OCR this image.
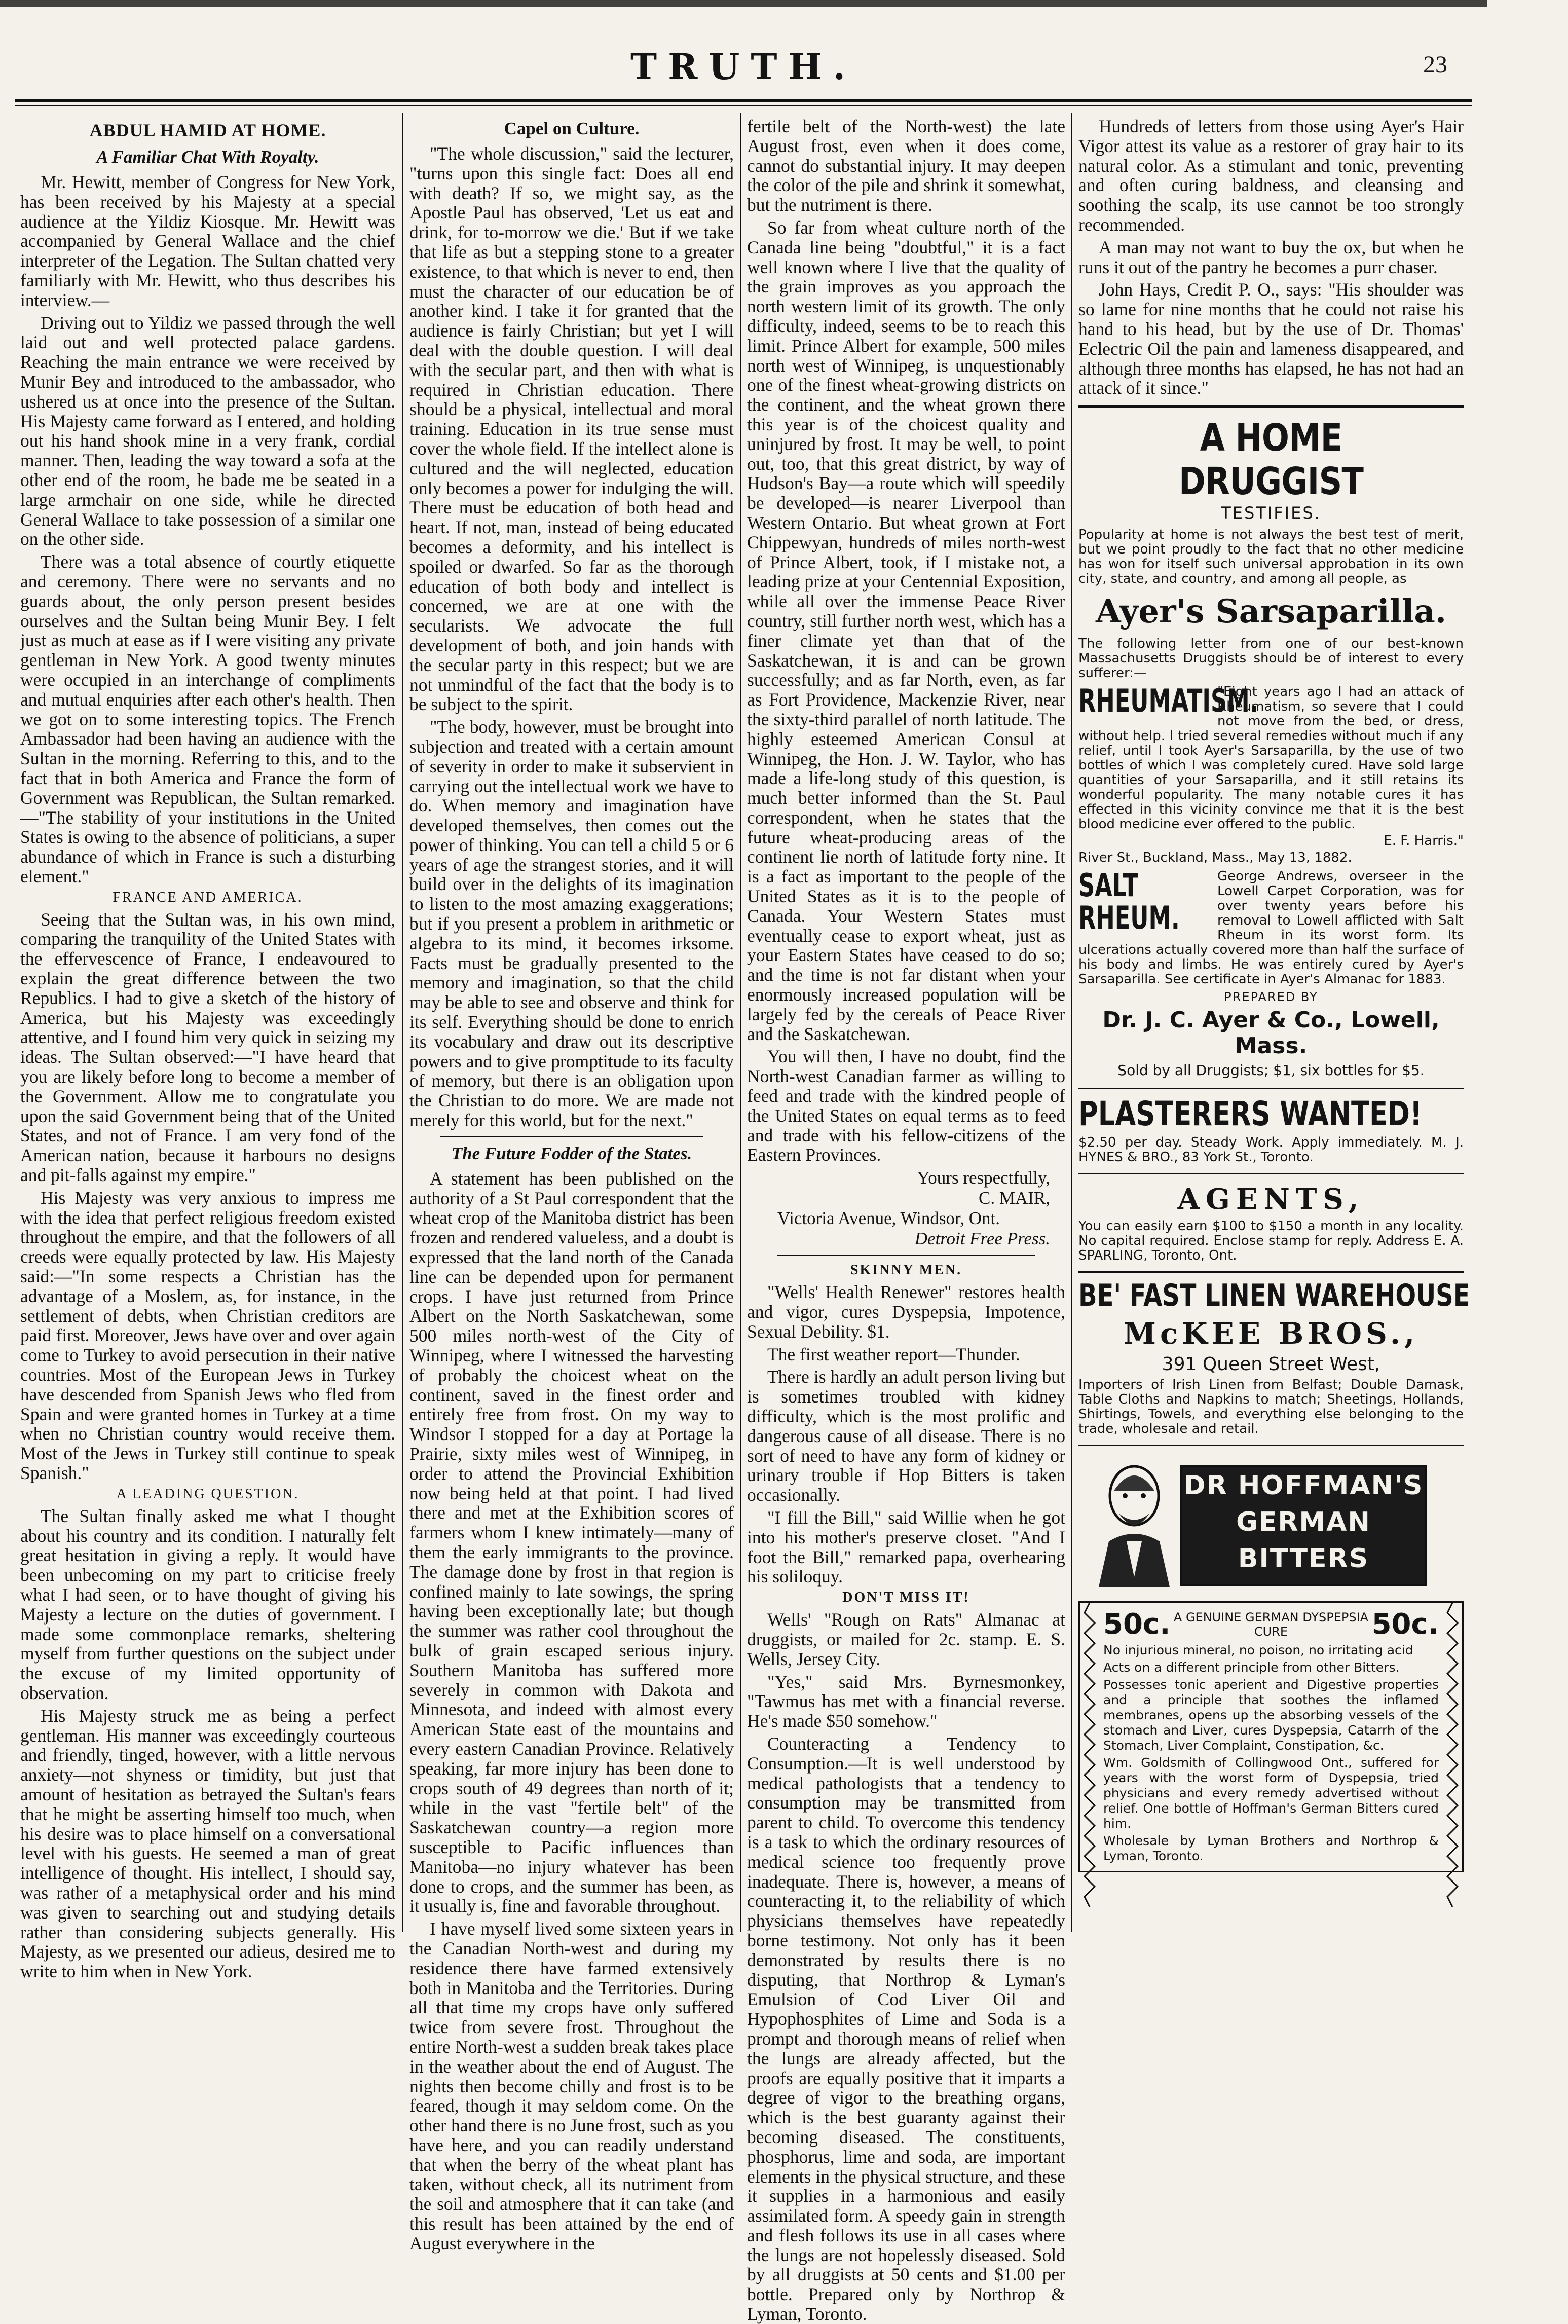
TRUTH.	23
ABDUL HAMID AT HOME.
A Familiar Chat With Royalty.

Mr. Hewitt, member of Congress for New York, has been received by his Majesty at a special audience at the Yildiz Kiosque. Mr. Hewitt was accompanied by General Wallace and the chief interpreter of the Legation. The Sultan chatted very familiarly with Mr. Hewitt, who thus describes his interview.—

Driving out to Yildiz we passed through the well laid out and well protected palace gardens. Reaching the main entrance we were received by Munir Bey and introduced to the ambassador, who ushered us at once into the presence of the Sultan. His Majesty came forward as I entered, and holding out his hand shook mine in a very frank, cordial manner. Then, leading the way toward a sofa at the other end of the room, he bade me be seated in a large armchair on one side, while he directed General Wallace to take possession of a similar one on the other side.

There was a total absence of courtly etiquette and ceremony. There were no servants and no guards about, the only person present besides ourselves and the Sultan being Munir Bey. I felt just as much at ease as if I were visiting any private gentleman in New York. A good twenty minutes were occupied in an interchange of compliments and mutual enquiries after each other's health. Then we got on to some interesting topics. The French Ambassador had been having an audience with the Sultan in the morning. Referring to this, and to the fact that in both America and France the form of Government was Republican, the Sultan remarked.—"The stability of your institutions in the United States is owing to the absence of politicians, a super abundance of which in France is such a disturbing element."

FRANCE AND AMERICA.

Seeing that the Sultan was, in his own mind, comparing the tranquility of the United States with the effervescence of France, I endeavoured to explain the great difference between the two Republics. I had to give a sketch of the history of America, but his Majesty was exceedingly attentive, and I found him very quick in seizing my ideas. The Sultan observed:—"I have heard that you are likely before long to become a member of the Government. Allow me to congratulate you upon the said Government being that of the United States, and not of France. I am very fond of the American nation, because it harbours no designs and pit-falls against my empire."

His Majesty was very anxious to impress me with the idea that perfect religious freedom existed throughout the empire, and that the followers of all creeds were equally protected by law. His Majesty said:—"In some respects a Christian has the advantage of a Moslem, as, for instance, in the settlement of debts, when Christian creditors are paid first. Moreover, Jews have over and over again come to Turkey to avoid persecution in their native countries. Most of the European Jews in Turkey have descended from Spanish Jews who fled from Spain and were granted homes in Turkey at a time when no Christian country would receive them. Most of the Jews in Turkey still continue to speak Spanish."

A LEADING QUESTION.

The Sultan finally asked me what I thought about his country and its condition. I naturally felt great hesitation in giving a reply. It would have been unbecoming on my part to criticise freely what I had seen, or to have thought of giving his Majesty a lecture on the duties of government. I made some commonplace remarks, sheltering myself from further questions on the subject under the excuse of my limited opportunity of observation.

His Majesty struck me as being a perfect gentleman. His manner was exceedingly courteous and friendly, tinged, however, with a little nervous anxiety—not shyness or timidity, but just that amount of hesitation as betrayed the Sultan's fears that he might be asserting himself too much, when his desire was to place himself on a conversational level with his guests. He seemed a man of great intelligence of thought. His intellect, I should say, was rather of a metaphysical order and his mind was given to searching out and studying details rather than considering subjects generally. His Majesty, as we presented our adieus, desired me to write to him when in New York.

Capel on Culture.

"The whole discussion," said the lecturer, "turns upon this single fact: Does all end with death? If so, we might say, as the Apostle Paul has observed, 'Let us eat and drink, for to-morrow we die.' But if we take that life as but a stepping stone to a greater existence, to that which is never to end, then must the character of our education be of another kind. I take it for granted that the audience is fairly Christian; but yet I will deal with the double question. I will deal with the secular part, and then with what is required in Christian education. There should be a physical, intellectual and moral training. Education in its true sense must cover the whole field. If the intellect alone is cultured and the will neglected, education only becomes a power for indulging the will. There must be education of both head and heart. If not, man, instead of being educated becomes a deformity, and his intellect is spoiled or dwarfed. So far as the thorough education of both body and intellect is concerned, we are at one with the secularists. We advocate the full development of both, and join hands with the secular party in this respect; but we are not unmindful of the fact that the body is to be subject to the spirit.

"The body, however, must be brought into subjection and treated with a certain amount of severity in order to make it subservient in carrying out the intellectual work we have to do. When memory and imagination have developed themselves, then comes out the power of thinking. You can tell a child 5 or 6 years of age the strangest stories, and it will build over in the delights of its imagination to listen to the most amazing exaggerations; but if you present a problem in arithmetic or algebra to its mind, it becomes irksome. Facts must be gradually presented to the memory and imagination, so that the child may be able to see and observe and think for its self. Everything should be done to enrich its vocabulary and draw out its descriptive powers and to give promptitude to its faculty of memory, but there is an obligation upon the Christian to do more. We are made not merely for this world, but for the next."

The Future Fodder of the States.

A statement has been published on the authority of a St Paul correspondent that the wheat crop of the Manitoba district has been frozen and rendered valueless, and a doubt is expressed that the land north of the Canada line can be depended upon for permanent crops. I have just returned from Prince Albert on the North Saskatchewan, some 500 miles north-west of the City of Winnipeg, where I witnessed the harvesting of probably the choicest wheat on the continent, saved in the finest order and entirely free from frost. On my way to Windsor I stopped for a day at Portage la Prairie, sixty miles west of Winnipeg, in order to attend the Provincial Exhibition now being held at that point. I had lived there and met at the Exhibition scores of farmers whom I knew intimately—many of them the early immigrants to the province. The damage done by frost in that region is confined mainly to late sowings, the spring having been exceptionally late; but though the summer was rather cool throughout the bulk of grain escaped serious injury. Southern Manitoba has suffered more severely in common with Dakota and Minnesota, and indeed with almost every American State east of the mountains and every eastern Canadian Province. Relatively speaking, far more injury has been done to crops south of 49 degrees than north of it; while in the vast "fertile belt" of the Saskatchewan country—a region more susceptible to Pacific influences than Manitoba—no injury whatever has been done to crops, and the summer has been, as it usually is, fine and favorable throughout.

I have myself lived some sixteen years in the Canadian North-west and during my residence there have farmed extensively both in Manitoba and the Territories. During all that time my crops have only suffered twice from severe frost. Throughout the entire North-west a sudden break takes place in the weather about the end of August. The nights then become chilly and frost is to be feared, though it may seldom come. On the other hand there is no June frost, such as you have here, and you can readily understand that when the berry of the wheat plant has taken, without check, all its nutriment from the soil and atmosphere that it can take (and this result has been attained by the end of August everywhere in the

fertile belt of the North-west) the late August frost, even when it does come, cannot do substantial injury. It may deepen the color of the pile and shrink it somewhat, but the nutriment is there.

So far from wheat culture north of the Canada line being "doubtful," it is a fact well known where I live that the quality of the grain improves as you approach the north western limit of its growth. The only difficulty, indeed, seems to be to reach this limit. Prince Albert for example, 500 miles north west of Winnipeg, is unquestionably one of the finest wheat-growing districts on the continent, and the wheat grown there this year is of the choicest quality and uninjured by frost. It may be well, to point out, too, that this great district, by way of Hudson's Bay—a route which will speedily be developed—is nearer Liverpool than Western Ontario. But wheat grown at Fort Chippewyan, hundreds of miles north-west of Prince Albert, took, if I mistake not, a leading prize at your Centennial Exposition, while all over the immense Peace River country, still further north west, which has a finer climate yet than that of the Saskatchewan, it is and can be grown successfully; and as far North, even, as far as Fort Providence, Mackenzie River, near the sixty-third parallel of north latitude. The highly esteemed American Consul at Winnipeg, the Hon. J. W. Taylor, who has made a life-long study of this question, is much better informed than the St. Paul correspondent, when he states that the future wheat-producing areas of the continent lie north of latitude forty nine. It is a fact as important to the people of the United States as it is to the people of Canada. Your Western States must eventually cease to export wheat, just as your Eastern States have ceased to do so; and the time is not far distant when your enormously increased population will be largely fed by the cereals of Peace River and the Saskatchewan.

You will then, I have no doubt, find the North-west Canadian farmer as willing to feed and trade with the kindred people of the United States on equal terms as to feed and trade with his fellow-citizens of the Eastern Provinces.

Yours respectfully,
C. MAIR,
Victoria Avenue, Windsor, Ont.
Detroit Free Press.
SKINNY MEN.

"Wells' Health Renewer" restores health and vigor, cures Dyspepsia, Impotence, Sexual Debility. $1.

The first weather report—Thunder.

There is hardly an adult person living but is sometimes troubled with kidney difficulty, which is the most prolific and dangerous cause of all disease. There is no sort of need to have any form of kidney or urinary trouble if Hop Bitters is taken occasionally.

"I fill the Bill," said Willie when he got into his mother's preserve closet. "And I foot the Bill," remarked papa, overhearing his soliloquy.

DON'T MISS IT!

Wells' "Rough on Rats" Almanac at druggists, or mailed for 2c. stamp. E. S. Wells, Jersey City.

"Yes," said Mrs. Byrnesmonkey, "Tawmus has met with a financial reverse. He's made $50 somehow."

Counteracting a Tendency to Consumption.—It is well understood by medical pathologists that a tendency to consumption may be transmitted from parent to child. To overcome this tendency is a task to which the ordinary resources of medical science too frequently prove inadequate. There is, however, a means of counteracting it, to the reliability of which physicians themselves have repeatedly borne testimony. Not only has it been demonstrated by results there is no disputing, that Northrop & Lyman's Emulsion of Cod Liver Oil and Hypophosphites of Lime and Soda is a prompt and thorough means of relief when the lungs are already affected, but the proofs are equally positive that it imparts a degree of vigor to the breathing organs, which is the best guaranty against their becoming diseased. The constituents, phosphorus, lime and soda, are important elements in the physical structure, and these it supplies in a harmonious and easily assimilated form. A speedy gain in strength and flesh follows its use in all cases where the lungs are not hopelessly diseased. Sold by all druggists at 50 cents and $1.00 per bottle. Prepared only by Northrop & Lyman, Toronto.

Hundreds of letters from those using Ayer's Hair Vigor attest its value as a restorer of gray hair to its natural color. As a stimulant and tonic, preventing and often curing baldness, and cleansing and soothing the scalp, its use cannot be too strongly recommended.

A man may not want to buy the ox, but when he runs it out of the pantry he becomes a purr chaser.

John Hays, Credit P. O., says: "His shoulder was so lame for nine months that he could not raise his hand to his head, but by the use of Dr. Thomas' Eclectric Oil the pain and lameness disappeared, and although three months has elapsed, he has not had an attack of it since."

A HOME DRUGGIST
TESTIFIES.
Popularity at home is not always the best test of merit, but we point proudly to the fact that no other medicine has won for itself such universal approbation in its own city, state, and country, and among all people, as
Ayer's Sarsaparilla.
The following letter from one of our best-known Massachusetts Druggists should be of interest to every sufferer:—
RHEUMATISM.
"Eight years ago I had an attack of Rheumatism, so severe that I could not move from the bed, or dress, without help. I tried several remedies without much if any relief, until I took Ayer's Sarsaparilla, by the use of two bottles of which I was completely cured. Have sold large quantities of your Sarsaparilla, and it still retains its wonderful popularity. The many notable cures it has effected in this vicinity convince me that it is the best blood medicine ever offered to the public.
E. F. Harris."
River St., Buckland, Mass., May 13, 1882.
SALT RHEUM.
George Andrews, overseer in the Lowell Carpet Corporation, was for over twenty years before his removal to Lowell afflicted with Salt Rheum in its worst form. Its ulcerations actually covered more than half the surface of his body and limbs. He was entirely cured by Ayer's Sarsaparilla. See certificate in Ayer's Almanac for 1883.
PREPARED BY
Dr. J. C. Ayer & Co., Lowell, Mass.
Sold by all Druggists; $1, six bottles for $5.
PLASTERERS WANTED!
$2.50 per day. Steady Work. Apply immediately. M. J. HYNES & BRO., 83 York St., Toronto.
AGENTS,
You can easily earn $100 to $150 a month in any locality. No capital required. Enclose stamp for reply. Address E. A. SPARLING, Toronto, Ont.
BE' FAST LINEN WAREHOUSE
McKEE BROS.,
391 Queen Street West,
Importers of Irish Linen from Belfast; Double Damask, Table Cloths and Napkins to match; Sheetings, Hollands, Shirtings, Towels, and everything else belonging to the trade, wholesale and retail.
DR HOFFMAN'S
GERMAN
BITTERS
50c. A GENUINE GERMAN DYSPEPSIA CURE	50c.

No injurious mineral, no poison, no irritating acid

Acts on a different principle from other Bitters.

Possesses tonic aperient and Digestive properties and a principle that soothes the inflamed membranes, opens up the absorbing vessels of the stomach and Liver, cures Dyspepsia, Catarrh of the Stomach, Liver Complaint, Constipation, &c.

Wm. Goldsmith of Collingwood Ont., suffered for years with the worst form of Dyspepsia, tried physicians and every remedy advertised without relief. One bottle of Hoffman's German Bitters cured him.

Wholesale by Lyman Brothers and Northrop & Lyman, Toronto.
